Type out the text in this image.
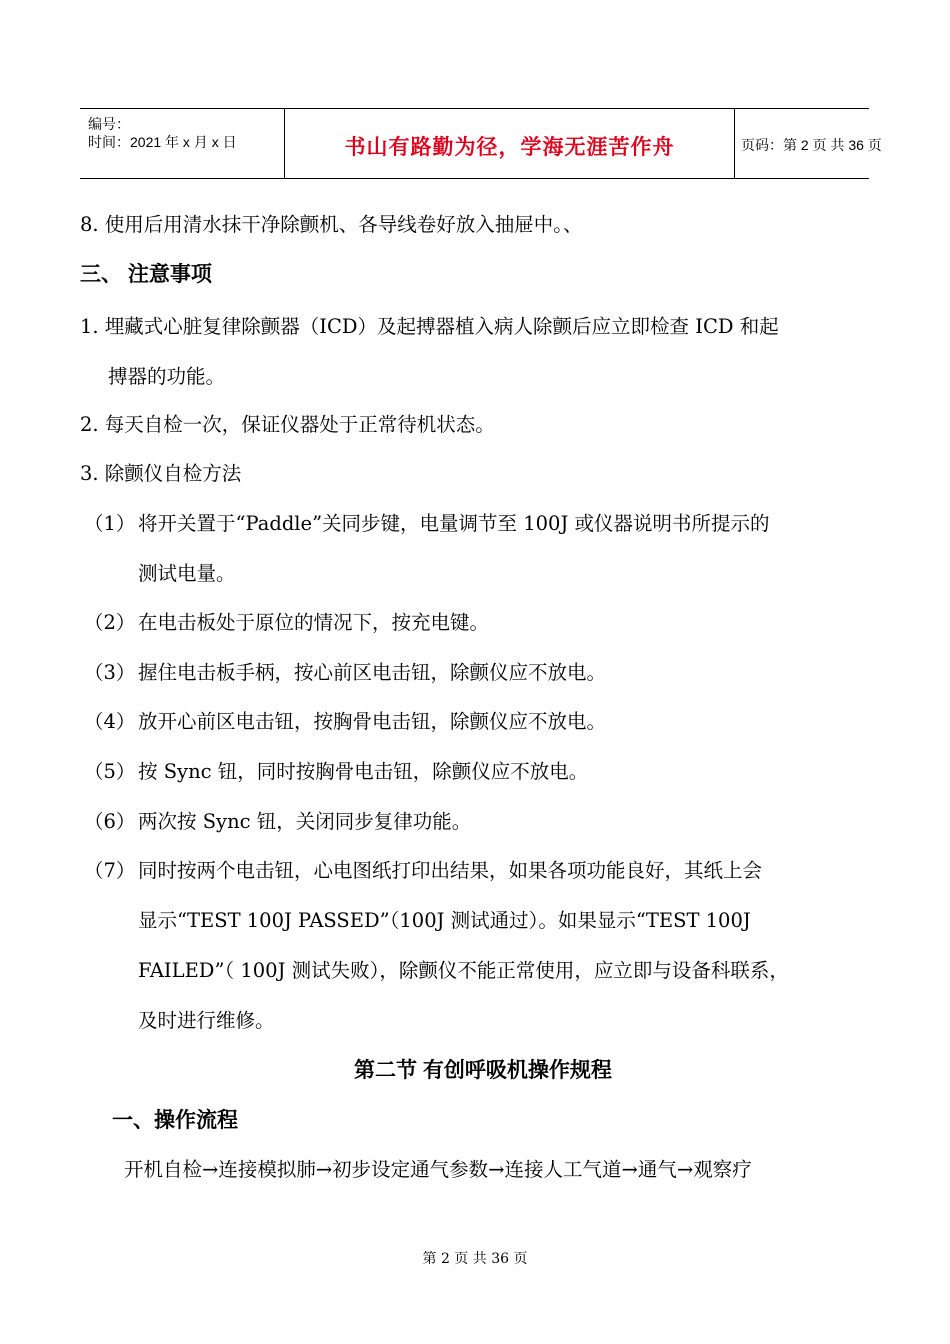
编号：
时间：2021 年 x 月 x 日	书山有路勤为径，学海无涯苦作舟	页码：第 2 页 共 36 页
8. 使用后用清水抹干净除颤机、各导线卷好放入抽屉中。、
三、 注意事项
1. 埋藏式心脏复律除颤器（ICD）及起搏器植入病人除颤后应立即检查 ICD 和起
搏器的功能。
2. 每天自检一次，保证仪器处于正常待机状态。
3. 除颤仪自检方法
（1） 将开关置于“Paddle”关同步键，电量调节至 100J 或仪器说明书所提示的
测试电量。
（2） 在电击板处于原位的情况下，按充电键。
（3） 握住电击板手柄，按心前区电击钮，除颤仪应不放电。
（4） 放开心前区电击钮，按胸骨电击钮，除颤仪应不放电。
（5） 按 Sync 钮，同时按胸骨电击钮，除颤仪应不放电。
（6） 两次按 Sync 钮，关闭同步复律功能。
（7） 同时按两个电击钮，心电图纸打印出结果，如果各项功能良好，其纸上会
显示“TEST 100J PASSED”（100J 测试通过）。如果显示“TEST 100J
FAILED”（ 100J 测试失败），除颤仪不能正常使用，应立即与设备科联系，
及时进行维修。
第二节 有创呼吸机操作规程
一、操作流程
开机自检→连接模拟肺→初步设定通气参数→连接人工气道→通气→观察疗
第 2 页 共 36 页
